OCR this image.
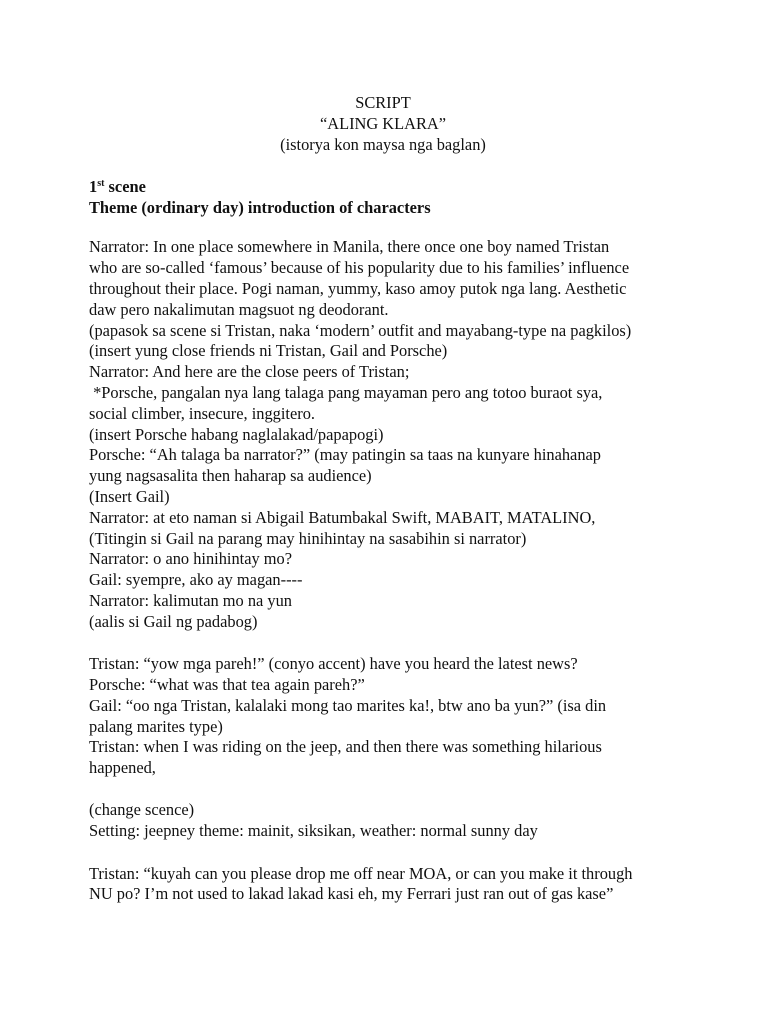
SCRIPT
“ALING KLARA”
(istorya kon maysa nga baglan)
1st scene
Theme (ordinary day) introduction of characters
Narrator: In one place somewhere in Manila, there once one boy named Tristan
who are so-called ‘famous’ because of his popularity due to his families’ influence
throughout their place. Pogi naman, yummy, kaso amoy putok nga lang. Aesthetic
daw pero nakalimutan magsuot ng deodorant.
(papasok sa scene si Tristan, naka ‘modern’ outfit and mayabang-type na pagkilos)
(insert yung close friends ni Tristan, Gail and Porsche)
Narrator: And here are the close peers of Tristan;
*Porsche, pangalan nya lang talaga pang mayaman pero ang totoo buraot sya,
social climber, insecure, inggitero.
(insert Porsche habang naglalakad/papapogi)
Porsche: “Ah talaga ba narrator?” (may patingin sa taas na kunyare hinahanap
yung nagsasalita then haharap sa audience)
(Insert Gail)
Narrator: at eto naman si Abigail Batumbakal Swift, MABAIT, MATALINO,
(Titingin si Gail na parang may hinihintay na sasabihin si narrator)
Narrator: o ano hinihintay mo?
Gail: syempre, ako ay magan----
Narrator: kalimutan mo na yun
(aalis si Gail ng padabog)
Tristan: “yow mga pareh!” (conyo accent) have you heard the latest news?
Porsche: “what was that tea again pareh?”
Gail: “oo nga Tristan, kalalaki mong tao marites ka!, btw ano ba yun?” (isa din
palang marites type)
Tristan: when I was riding on the jeep, and then there was something hilarious
happened,
(change scence)
Setting: jeepney theme: mainit, siksikan, weather: normal sunny day
Tristan: “kuyah can you please drop me off near MOA, or can you make it through
NU po? I’m not used to lakad lakad kasi eh, my Ferrari just ran out of gas kase”
